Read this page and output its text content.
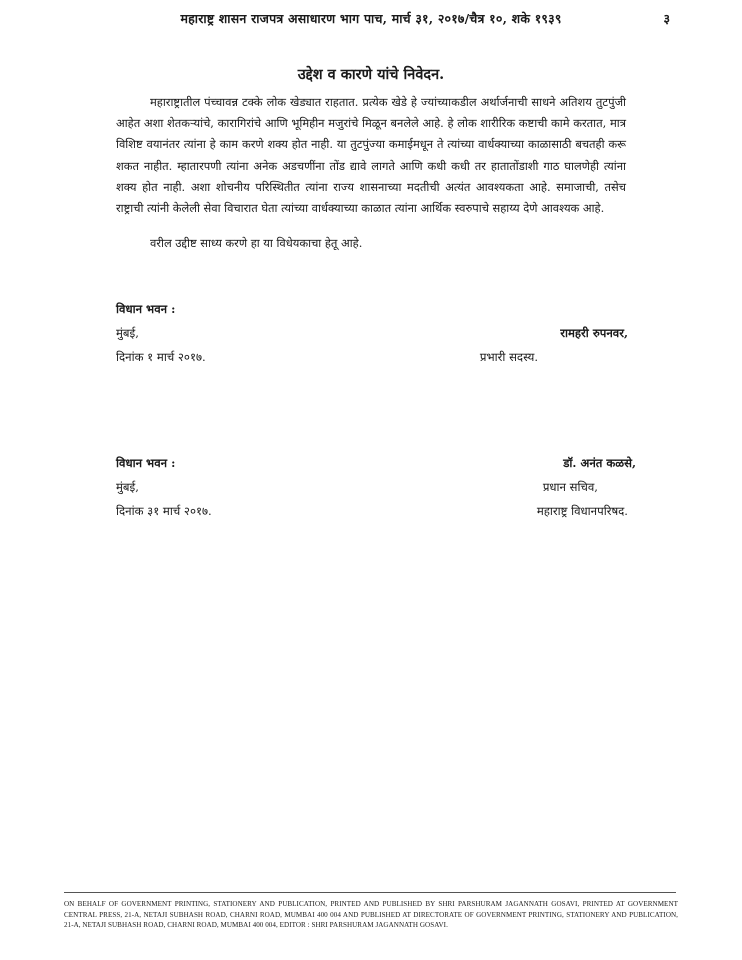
महाराष्ट्र शासन राजपत्र असाधारण भाग पाच, मार्च ३१, २०१७/चैत्र १०, शके १९३९	३
उद्देश व कारणे यांचे निवेदन.

महाराष्ट्रातील पंच्चावन्न टक्के लोक खेड्यात राहतात. प्रत्येक खेडे हे ज्यांच्याकडील अर्थार्जनाची साधने अतिशय तुटपुंजी आहेत अशा शेतकऱ्यांचे, कारागिरांचे आणि भूमिहीन मजुरांचे मिळून बनलेले आहे. हे लोक शारीरिक कष्टाची कामे करतात, मात्र विशिष्ट वयानंतर त्यांना हे काम करणे शक्य होत नाही. या तुटपुंज्या कमाईमधून ते त्यांच्या वार्धक्याच्या काळासाठी बचतही करू शकत नाहीत. म्हातारपणी त्यांना अनेक अडचणींना तोंड द्यावे लागते आणि कधी कधी तर हातातोंडाशी गाठ घालणेही त्यांना शक्य होत नाही. अशा शोचनीय परिस्थितीत त्यांना राज्य शासनाच्या मदतीची अत्यंत आवश्यकता आहे. समाजाची, तसेच राष्ट्राची त्यांनी केलेली सेवा विचारात घेता त्यांच्या वार्धक्याच्या काळात त्यांना आर्थिक स्वरुपाचे सहाय्य देणे आवश्यक आहे.

वरील उद्दीष्ट साध्य करणे हा या विधेयकाचा हेतू आहे.

विधान भवन :
मुंबई,	रामहरी रुपनवर,
दिनांक १ मार्च २०१७.	प्रभारी सदस्य.
विधान भवन :	डॉ. अनंत कळसे,
मुंबई,	प्रधान सचिव,
दिनांक ३१ मार्च २०१७.	महाराष्ट्र विधानपरिषद.
ON BEHALF OF GOVERNMENT PRINTING, STATIONERY AND PUBLICATION, PRINTED AND PUBLISHED BY SHRI PARSHURAM JAGANNATH GOSAVI, PRINTED AT GOVERNMENT CENTRAL PRESS, 21-A, NETAJI SUBHASH ROAD, CHARNI ROAD, MUMBAI 400 004 AND PUBLISHED AT DIRECTORATE OF GOVERNMENT PRINTING, STATIONERY AND PUBLICATION, 21-A, NETAJI SUBHASH ROAD, CHARNI ROAD, MUMBAI 400 004, EDITOR : SHRI PARSHURAM JAGANNATH GOSAVI.
